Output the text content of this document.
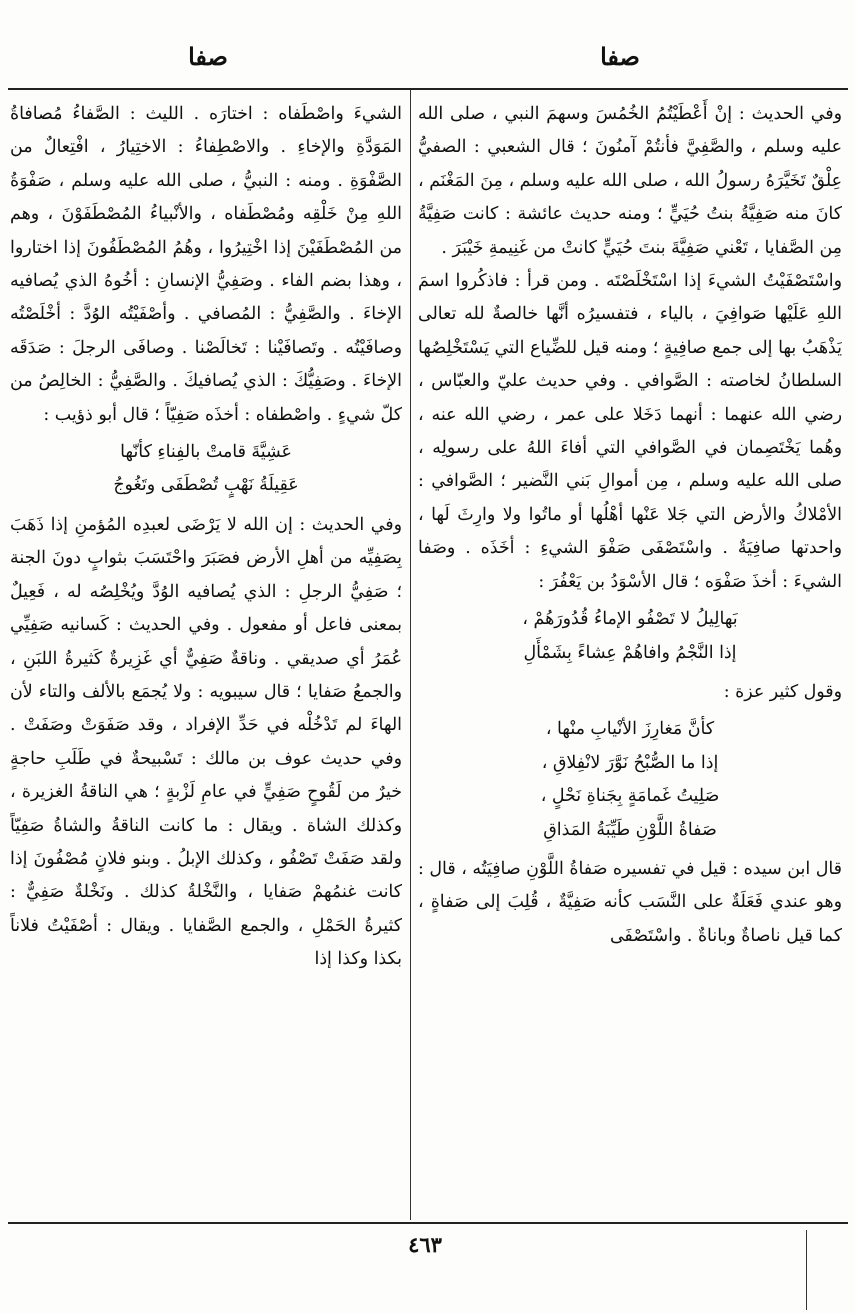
صفا
صفا

وفي الحديث : إنْ أَعْطَيْتُمُ الخُمُسَ وسهمَ النبي ، صلى الله عليه وسلم ، والصَّفِيَّ فأنتُمْ آمنُونَ ؛ قال الشعبي : الصفيُّ عِلْقٌ تَخَيَّرَهُ رسولُ الله ، صلى الله عليه وسلم ، مِنَ المَغْنَم ، كانَ منه صَفِيَّةُ بنتُ حُيَيٍّ ؛ ومنه حديث عائشة : كانت صَفِيَّةُ مِن الصَّفايا ، تَعْني صَفِيَّةَ بنتَ حُيَيٍّ كانتْ من غَنِيمةِ خَيْبَرَ .

واسْتَصْفَيْتُ الشيءَ إذا اسْتَخْلَصْتَه . ومن قرأ : فاذكُروا اسمَ اللهِ عَلَيْها صَوافِيَ ، بالياء ، فتفسيرُه أنَّها خالصةٌ لله تعالى يَذْهَبُ بها إلى جمع صافِيةٍ ؛ ومنه قيل للضِّياع التي يَسْتَخْلِصُها السلطانُ لخاصته : الصَّوافي . وفي حديث عليّ والعبّاس ، رضي الله عنهما : أنهما دَخَلا على عمر ، رضي الله عنه ، وهُما يَخْتَصِمان في الصَّوافي التي أفاءَ اللهُ على رسولِه ، صلى الله عليه وسلم ، مِن أموالِ بَني النَّضير ؛ الصَّوافي : الأمْلاكُ والأرض التي جَلا عَنْها أهْلُها أو ماتُوا ولا وارِثَ لَها ، واحدتها صافِيَةٌ . واسْتَصْفَى صَفْوَ الشيءِ : أخَذَه . وصَفا الشيءَ : أخذَ صَفْوَه ؛ قال الأسْوَدُ بن يَعْفُرَ :

بَهالِيلُ لا تَصْفُو الإماءُ قُدُورَهُمْ ،
إذا النَّجْمُ وافاهُمْ عِشاءً بِشَمْأَلِ

وقول كثير عزة :

كأنَّ مَغارِزَ الأنْيابِ منْها ،
إذا ما الصُّبْحُ نَوَّرَ لانْفِلاقِ ،
صَلِيتُ غَمامَةٍ بِجَناةِ نَحْلٍ ،
صَفاةُ اللَّوْنِ طَيِّبَةُ المَذاقِ

قال ابن سيده : قيل في تفسيره صَفاةُ اللَّوْنِ صافِيَتُه ، قال : وهو عندي فَعَلَةٌ على النَّسَب كأنه صَفِيَّةٌ ، قُلِبَ إلى صَفاةٍ ، كما قيل ناصاةٌ وباناةٌ . واسْتَصْفَى

الشيءَ واصْطَفاه : اختارَه . الليث : الصَّفاءُ مُصافاةُ المَوَدَّةِ والإخاءِ . والاصْطِفاءُ : الاختِيارُ ، افْتِعالٌ من الصَّفْوَةِ . ومنه : النبيُّ ، صلى الله عليه وسلم ، صَفْوَةُ اللهِ مِنْ خَلْقِه ومُصْطَفاه ، والأنْبياءُ المُصْطَفَوْنَ ، وهم من المُصْطَفَيْنَ إذا اخْتِيرُوا ، وهُمُ المُصْطَفُونَ إذا اختاروا ، وهذا بضم الفاء . وصَفِيُّ الإنسانِ : أخُوهُ الذي يُصافيه الإخاءَ . والصَّفِيُّ : المُصافي . وأصْفَيْتُه الوُدَّ : أخْلَصْتُه وصافَيْتُه . وتَصافَيْنا : تَخالَصْنا . وصافَى الرجلَ : صَدَقَه الإخاءَ . وصَفِيُّكَ : الذي يُصافيكَ . والصَّفِيُّ : الخالِصُ من كلّ شيءٍ . واصْطفاه : أخذَه صَفِيّاً ؛ قال أبو ذؤيب :

عَشِيَّةَ قامتْ بالفِناءِ كأنّها
عَقِيلَةُ نَهْبٍ تُصْطَفَى وتَغُوجُ

وفي الحديث : إن الله لا يَرْضَى لعبدِه المُؤمنِ إذا ذَهَبَ بِصَفِيِّه من أهلِ الأرض فصَبَرَ واحْتَسَبَ بثوابٍ دونَ الجنة ؛ صَفِيُّ الرجلِ : الذي يُصافيه الوُدَّ ويُخْلِصُه له ، فَعِيلٌ بمعنى فاعل أو مفعول . وفي الحديث : كَسانيه صَفِيِّي عُمَرُ أي صديقي . وناقةٌ صَفِيٌّ أي غَزِيرةٌ كَثيرةُ اللبَنِ ، والجمعُ صَفايا ؛ قال سيبويه : ولا يُجمَع بالألف والتاء لأن الهاءَ لم تَدْخُلْه في حَدِّ الإفراد ، وقد صَفَوَتْ وصَفَتْ . وفي حديث عوف بن مالك : تَسْبيحةٌ في طَلَبِ حاجةٍ خيرٌ من لَقُوحٍ صَفِيٍّ في عامِ لَزْبةٍ ؛ هي الناقةُ الغزيرة ، وكذلك الشاة . ويقال : ما كانت الناقةُ والشاةُ صَفِيّاً ولقد صَفَتْ تَصْفُو ، وكذلك الإبلُ . وبنو فلانٍ مُصْفُونَ إذا كانت غنمُهمْ صَفايا ، والنَّخْلةُ كذلك . ونَخْلةٌ صَفِيٌّ : كثيرةُ الحَمْلِ ، والجمع الصَّفايا . ويقال : أصْفَيْتُ فلاناً بكذا وكذا إذا

٤٦٣
